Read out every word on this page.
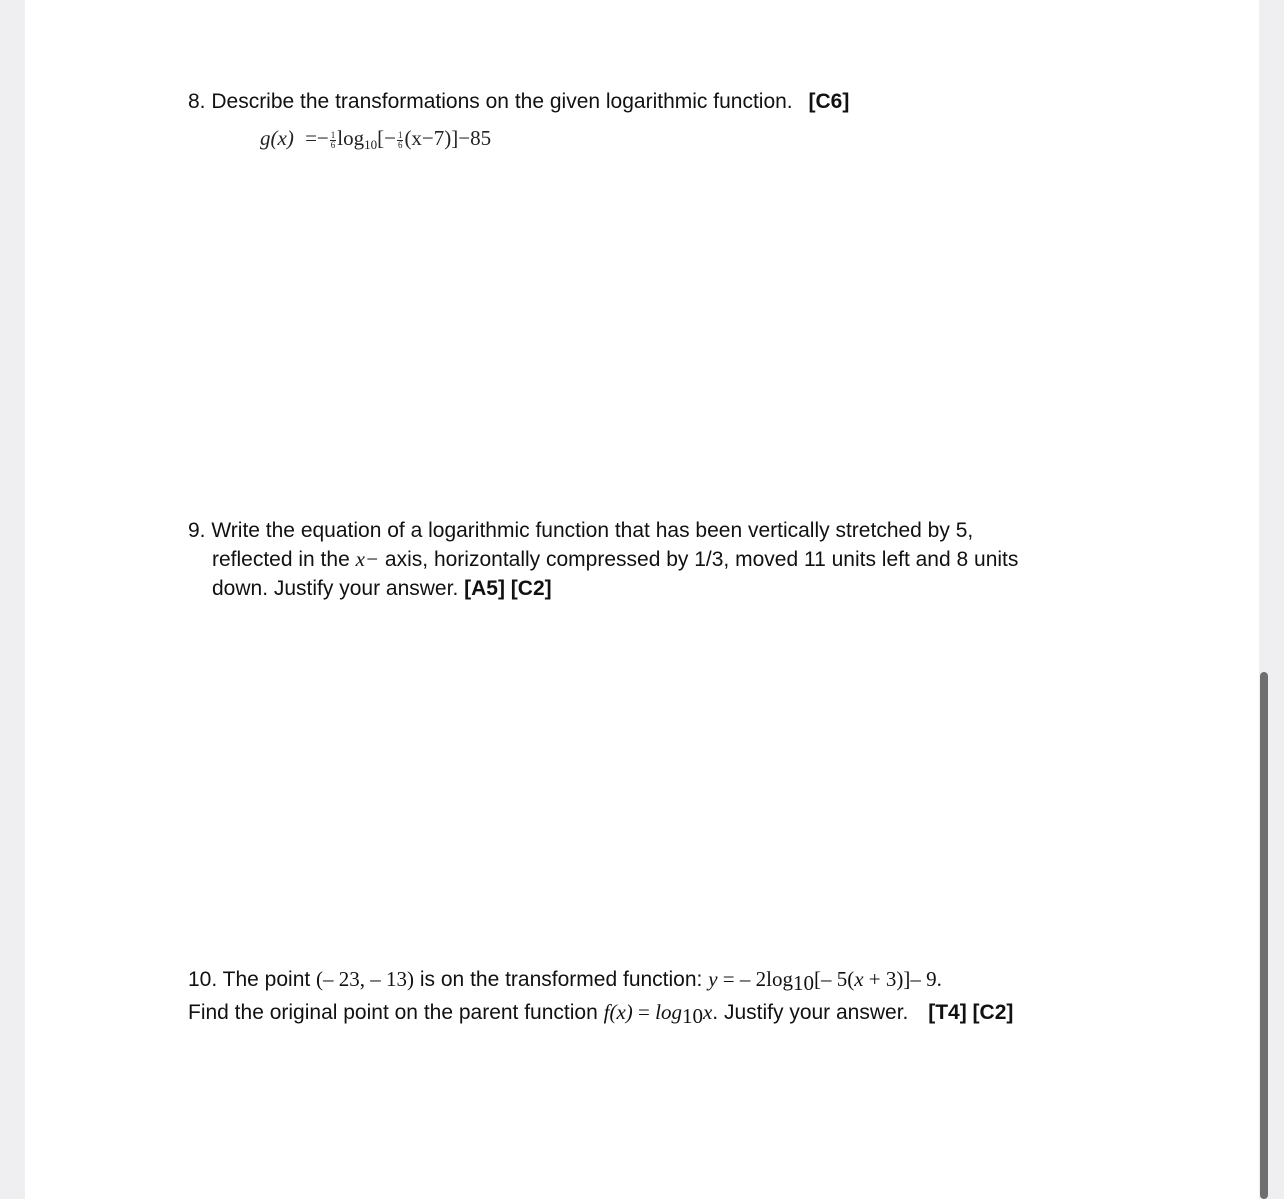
8. Describe the transformations on the given logarithmic function. [C6]
$g(x) =- \frac{1}{6} \log_{10}[- \frac{1}{6} (x-7)]-85$
9. Write the equation of a logarithmic function that has been vertically stretched by 5,
reflected in the x− axis, horizontally compressed by 1/3, moved 11 units left and 8 units
down. Justify your answer. [A5] [C2]
10. The point (– 23, – 13) is on the transformed function: y = – $2\log_{10}[-$ 5(x + 3)]– 9.
Find the original point on the parent function $f(x) = \log_{10}x$. Justify your answer. [T4] [C2]
